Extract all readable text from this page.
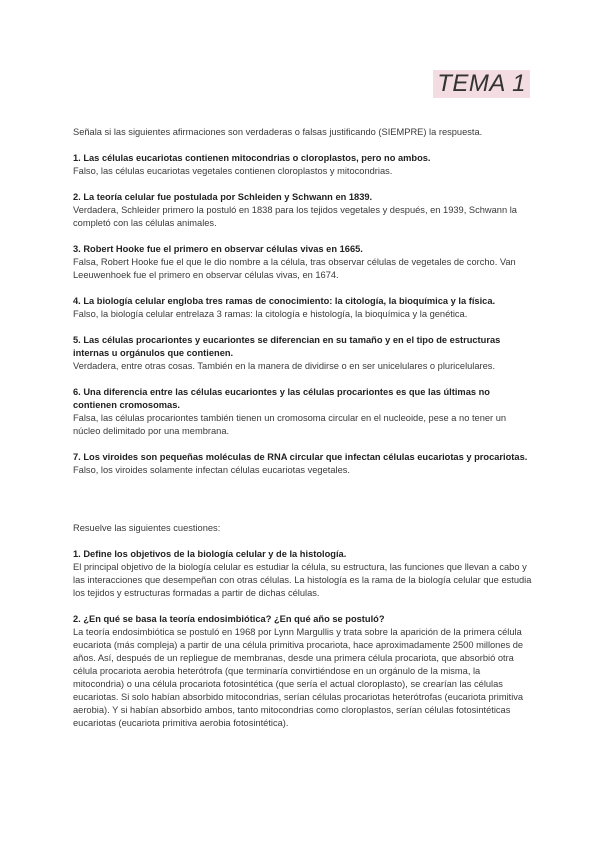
TEMA 1

Señala si las siguientes afirmaciones son verdaderas o falsas justificando (SIEMPRE) la respuesta.

1. Las células eucariotas contienen mitocondrias o cloroplastos, pero no ambos.

Falso, las células eucariotas vegetales contienen cloroplastos y mitocondrias.

2. La teoría celular fue postulada por Schleiden y Schwann en 1839.

Verdadera, Schleider primero la postuló en 1838 para los tejidos vegetales y después, en 1939, Schwann la completó con las células animales.

3. Robert Hooke fue el primero en observar células vivas en 1665.

Falsa, Robert Hooke fue el que le dio nombre a la célula, tras observar células de vegetales de corcho. Van Leeuwenhoek fue el primero en observar células vivas, en 1674.

4. La biología celular engloba tres ramas de conocimiento: la citología, la bioquímica y la física.

Falso, la biología celular entrelaza 3 ramas: la citología e histología, la bioquímica y la genética.

5. Las células procariontes y eucariontes se diferencian en su tamaño y en el tipo de estructuras internas u orgánulos que contienen.

Verdadera, entre otras cosas. También en la manera de dividirse o en ser unicelulares o pluricelulares.

6. Una diferencia entre las células eucariontes y las células procariontes es que las últimas no contienen cromosomas.

Falsa, las células procariontes también tienen un cromosoma circular en el nucleoide, pese a no tener un núcleo delimitado por una membrana.

7. Los viroides son pequeñas moléculas de RNA circular que infectan células eucariotas y procariotas.

Falso, los viroides solamente infectan células eucariotas vegetales.

Resuelve las siguientes cuestiones:

1. Define los objetivos de la biología celular y de la histología.

El principal objetivo de la biología celular es estudiar la célula, su estructura, las funciones que llevan a cabo y las interacciones que desempeñan con otras células. La histología es la rama de la biología celular que estudia los tejidos y estructuras formadas a partir de dichas células.

2. ¿En qué se basa la teoría endosimbiótica? ¿En qué año se postuló?

La teoría endosimbiótica se postuló en 1968 por Lynn Margullis y trata sobre la aparición de la primera célula eucariota (más compleja) a partir de una célula primitiva procariota, hace aproximadamente 2500 millones de años. Así, después de un repliegue de membranas, desde una primera célula procariota, que absorbió otra célula procariota aerobia heterótrofa (que terminaría convirtiéndose en un orgánulo de la misma, la mitocondria) o una célula procariota fotosintética (que sería el actual cloroplasto), se crearían las células eucariotas. Si solo habían absorbido mitocondrias, serían células procariotas heterótrofas (eucariota primitiva aerobia). Y si habían absorbido ambos, tanto mitocondrias como cloroplastos, serían células fotosintéticas eucariotas (eucariota primitiva aerobia fotosintética).
